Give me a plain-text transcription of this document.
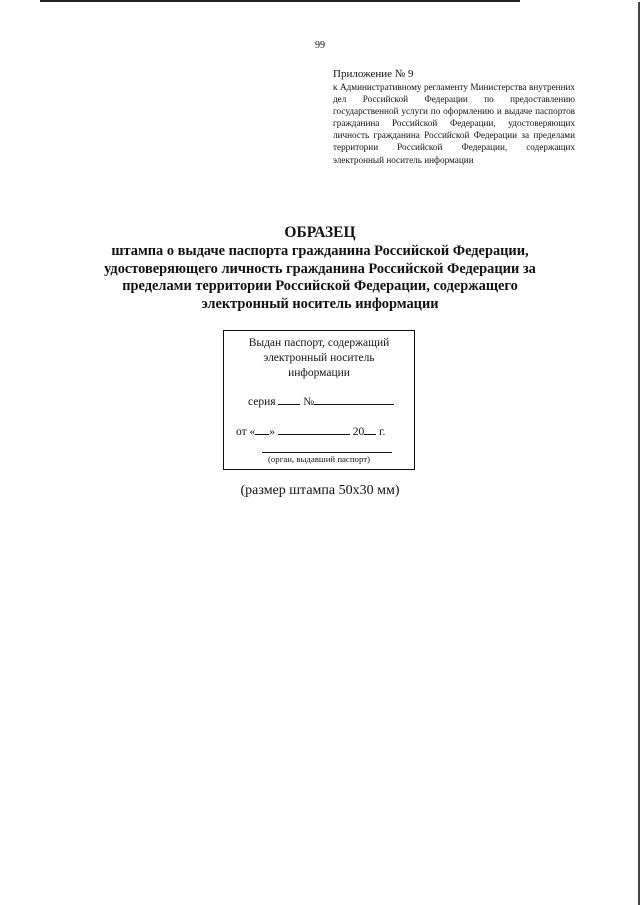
99
Приложение № 9
к Административному регламенту Министерства внутренних дел Российской Федерации по предоставлению государственной услуги по оформлению и выдаче паспортов гражданина Российской Федерации, удостоверяющих личность гражданина Российской Федерации за пределами территории Российской Федерации, содержащих электронный носитель информации
ОБРАЗЕЦ
штампа о выдаче паспорта гражданина Российской Федерации, удостоверяющего личность гражданина Российской Федерации за пределами территории Российской Федерации, содержащего электронный носитель информации
Выдан паспорт, содержащий
электронный носитель
информации
серия №
от « »	20 г.
(орган, выдавший паспорт)
(размер штампа 50х30 мм)
